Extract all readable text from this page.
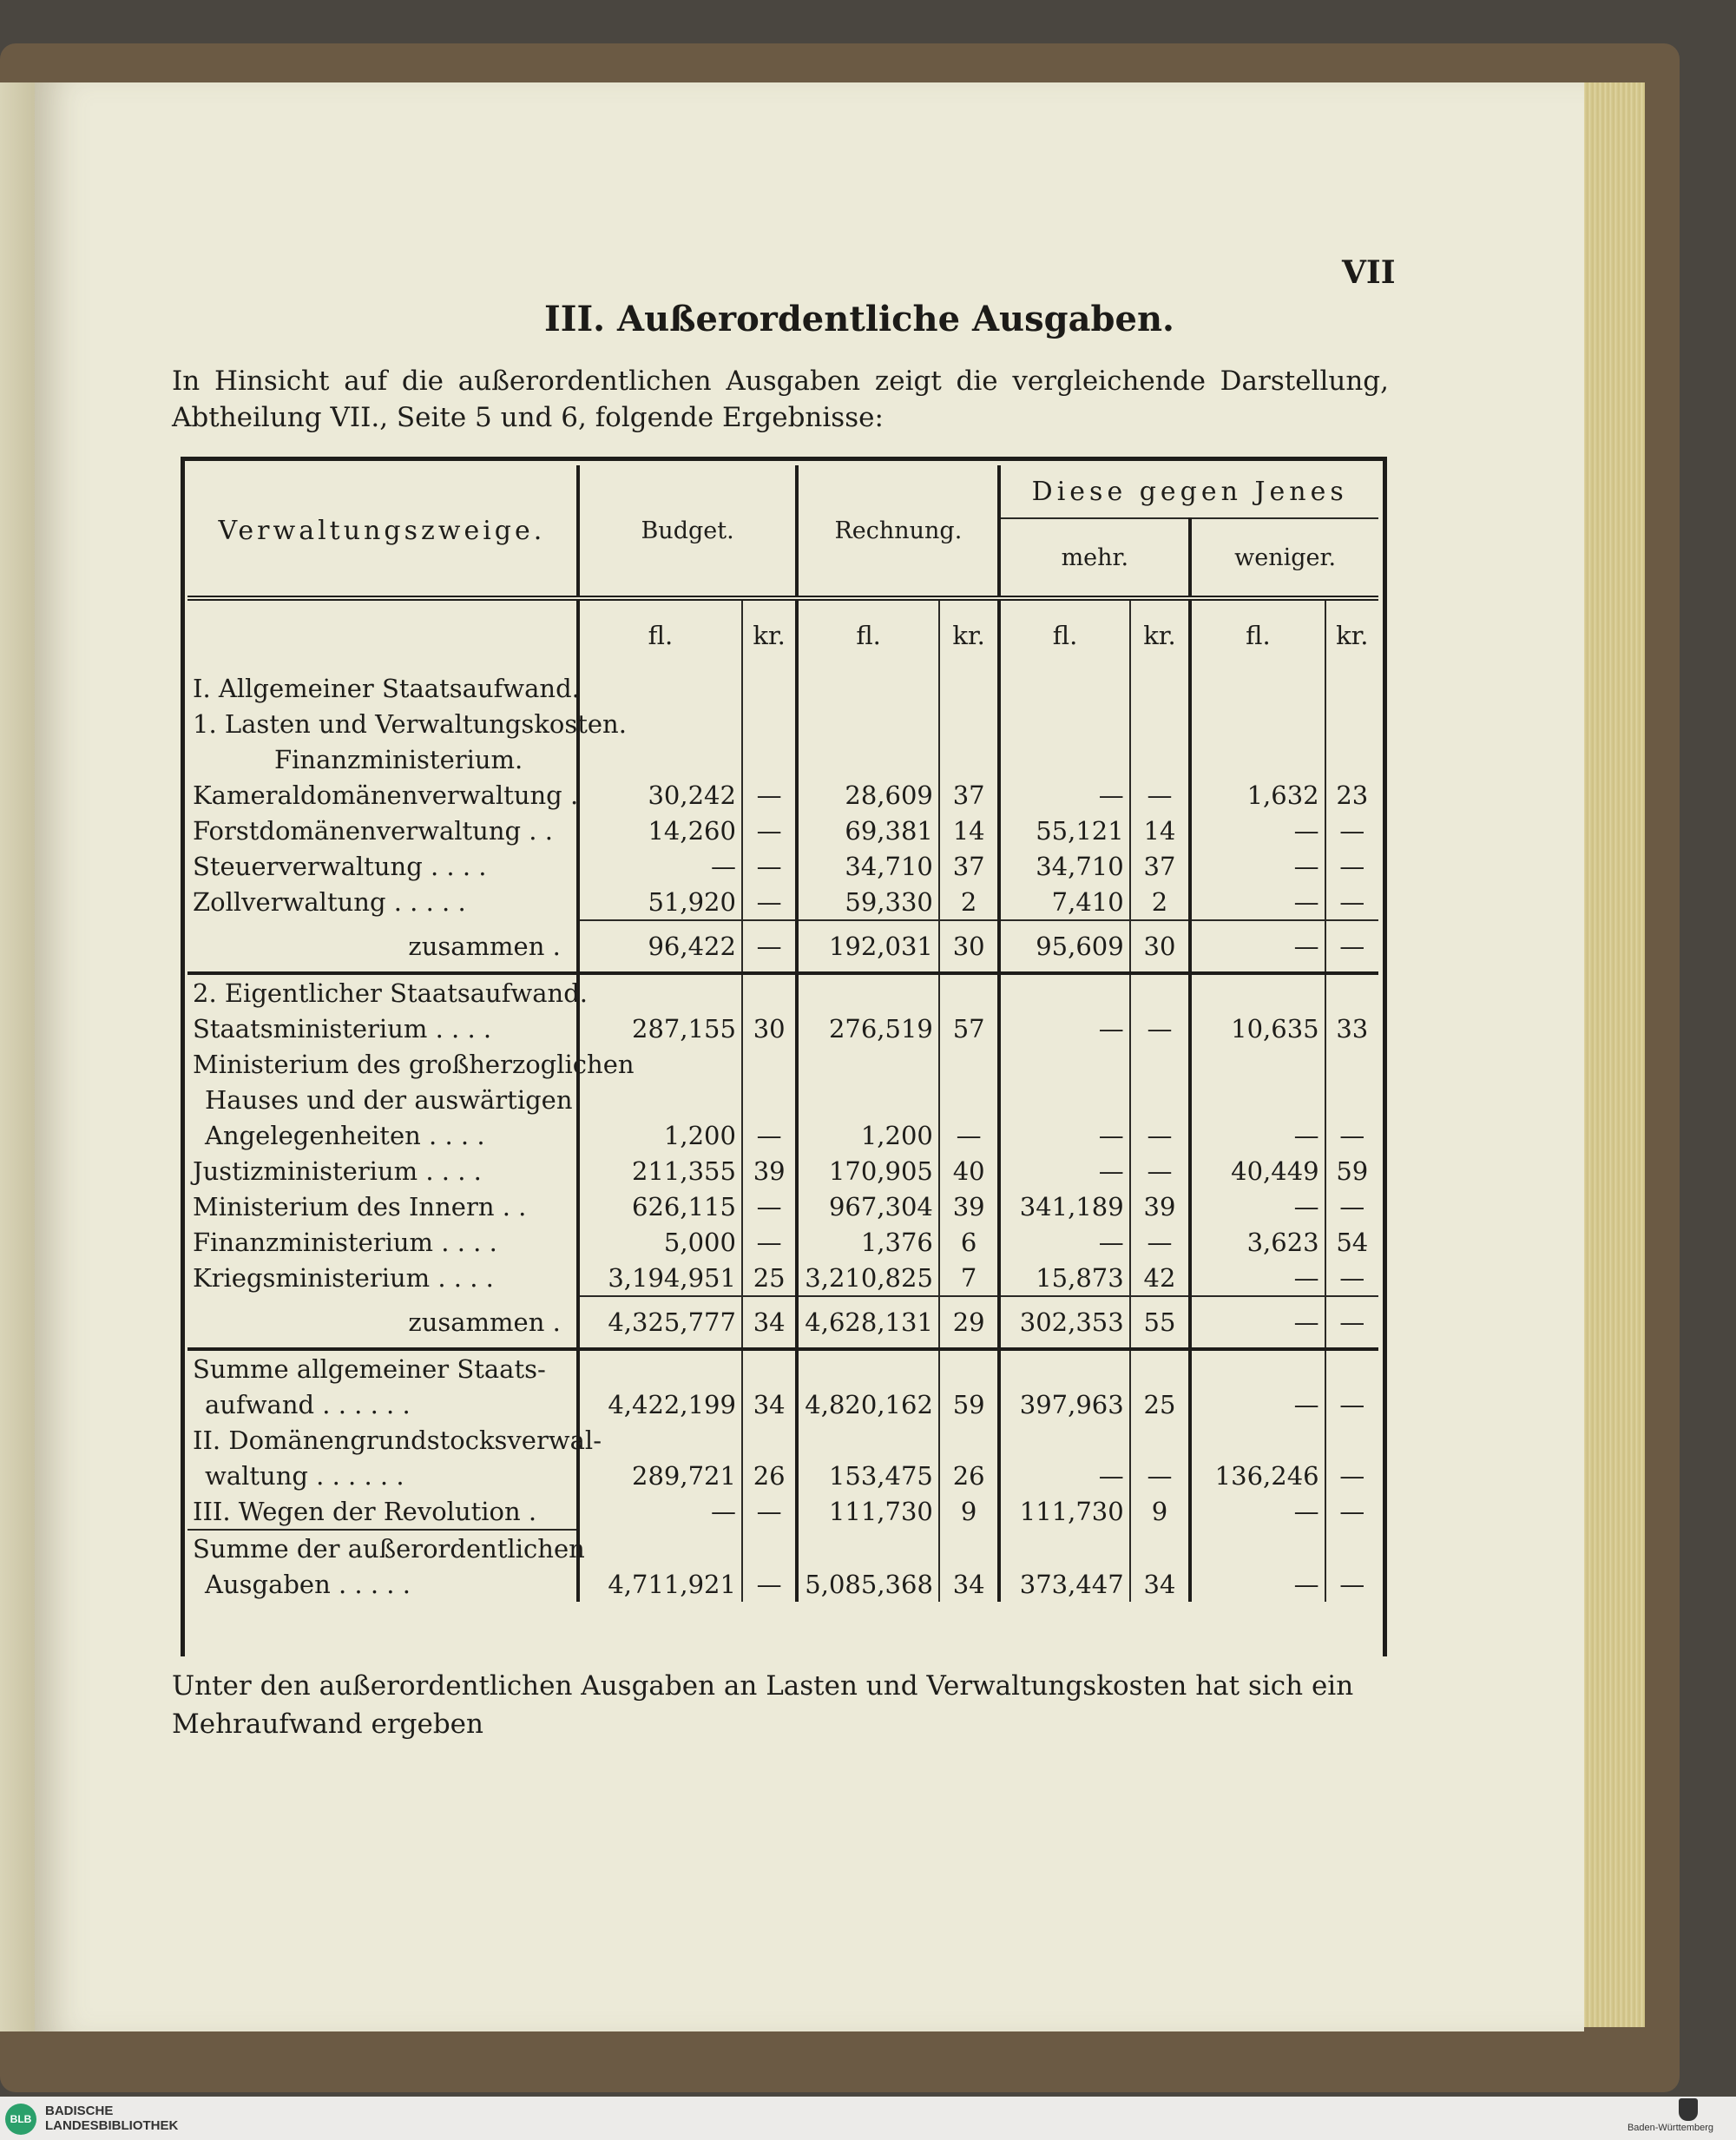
VII
III. Außerordentliche Ausgaben.
In Hinsicht auf die außerordentlichen Ausgaben zeigt die vergleichende Darstellung, Abtheilung VII., Seite 5 und 6, folgende Ergebnisse:
Verwaltungszweige.	Budget.		Rechnung.		Diese gegen Jenes			
					mehr.		weniger.	
	fl.	kr.	fl.	kr.	fl.	kr.	fl.	kr.
I. Allgemeiner Staatsaufwand.								
1. Lasten und Verwaltungskosten.								
Finanzministerium.								
Kameraldomänenverwaltung .	30,242	—	28,609	37	—	—	1,632	23
Forstdomänenverwaltung . .	14,260	—	69,381	14	55,121	14	—	—
Steuerverwaltung . . . .	—	—	34,710	37	34,710	37	—	—
Zollverwaltung . . . . .	51,920	—	59,330	2	7,410	2	—	—
zusammen .	96,422	—	192,031	30	95,609	30	—	—
2. Eigentlicher Staatsaufwand.								
Staatsministerium . . . .	287,155	30	276,519	57	—	—	10,635	33
Ministerium des großherzoglichen								
Hauses und der auswärtigen								
Angelegenheiten . . . .	1,200	—	1,200	—	—	—	—	—
Justizministerium . . . .	211,355	39	170,905	40	—	—	40,449	59
Ministerium des Innern . .	626,115	—	967,304	39	341,189	39	—	—
Finanzministerium . . . .	5,000	—	1,376	6	—	—	3,623	54
Kriegsministerium . . . .	3,194,951	25	3,210,825	7	15,873	42	—	—
zusammen .	4,325,777	34	4,628,131	29	302,353	55	—	—
Summe allgemeiner Staats-								
aufwand . . . . . .	4,422,199	34	4,820,162	59	397,963	25	—	—
II. Domänengrundstocksverwal-								
waltung . . . . . .	289,721	26	153,475	26	—	—	136,246	—
III. Wegen der Revolution .	—	—	111,730	9	111,730	9	—	—
Summe der außerordentlichen								
Ausgaben . . . . .	4,711,921	—	5,085,368	34	373,447	34	—	—
Unter den außerordentlichen Ausgaben an Lasten und Verwaltungskosten hat sich ein Mehraufwand ergeben
BLB
BADISCHE
LANDESBIBLIOTHEK	Baden-Württemberg
